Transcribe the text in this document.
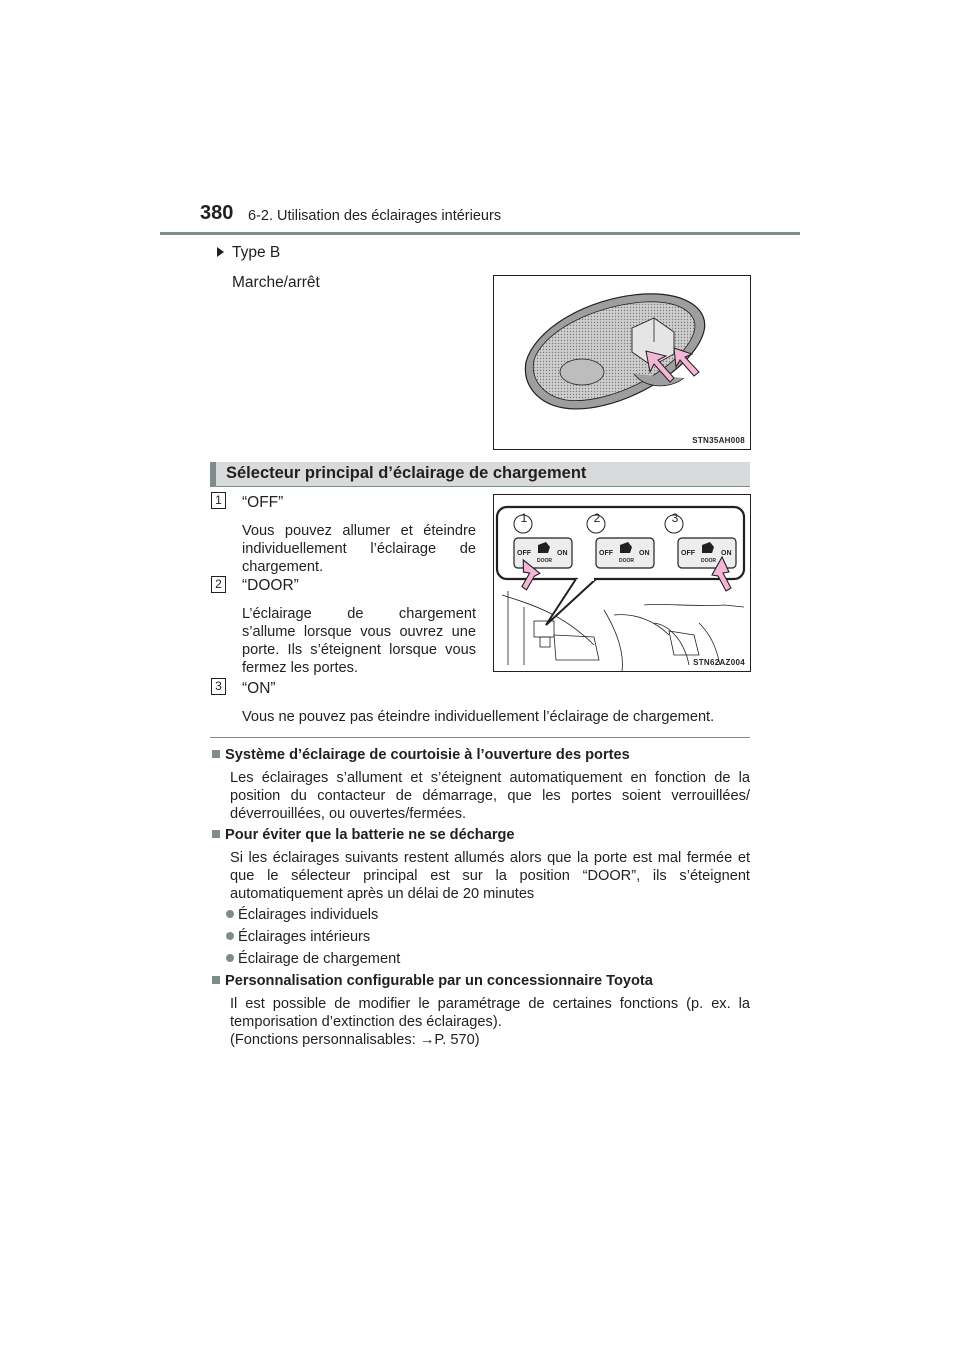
380 6-2. Utilisation des éclairages intérieurs
Type B
Marche/arrêt
STN35AH008
Sélecteur principal d’éclairage de chargement
1 “OFF”
Vous pouvez allumer et éteindre
individuellement l’éclairage de
chargement.
2 “DOOR”
L’éclairage de chargement
s’allume lorsque vous ouvrez une
porte. Ils s’éteignent lorsque vous
fermez les portes.
3 “ON”
Vous ne pouvez pas éteindre individuellement l’éclairage de chargement.
1	2	3
OFF	ON
DOOR
OFF	ON
DOOR
OFF	ON
DOOR
STN62AZ004
Système d’éclairage de courtoisie à l’ouverture des portes
Les éclairages s’allument et s’éteignent automatiquement en fonction de la
position du contacteur de démarrage, que les portes soient verrouillées/
déverrouillées, ou ouvertes/fermées.
Pour éviter que la batterie ne se décharge
Si les éclairages suivants restent allumés alors que la porte est mal fermée et
que le sélecteur principal est sur la position “DOOR”, ils s’éteignent
automatiquement après un délai de 20 minutes
Éclairages individuels
Éclairages intérieurs
Éclairage de chargement
Personnalisation configurable par un concessionnaire Toyota
Il est possible de modifier le paramétrage de certaines fonctions (p. ex. la
temporisation d’extinction des éclairages).
(Fonctions personnalisables: →P. 570)
